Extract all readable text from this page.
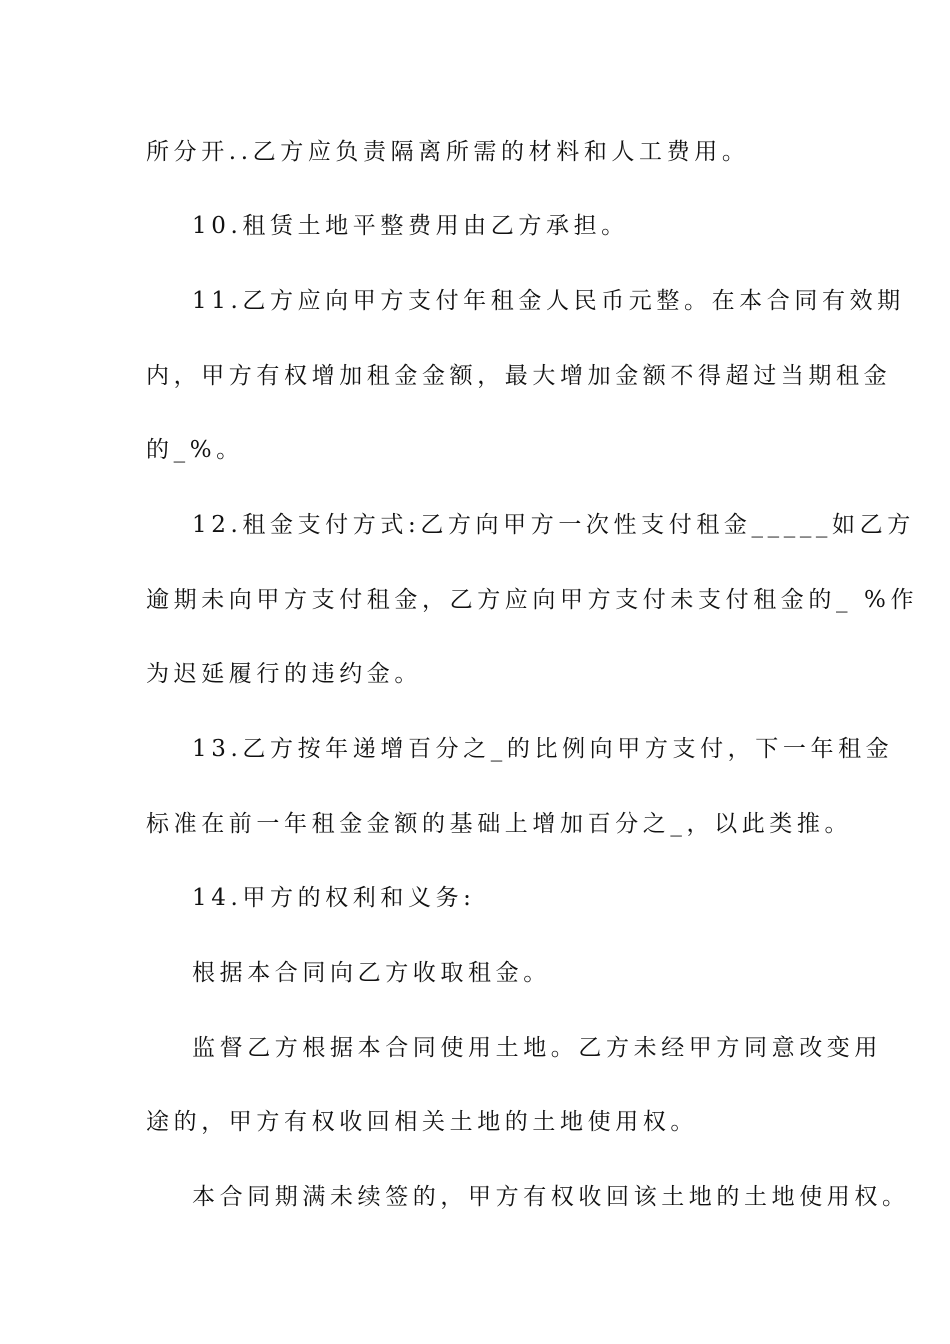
所分开..乙方应负责隔离所需的材料和人工费用。
10.租赁土地平整费用由乙方承担。
11.乙方应向甲方支付年租金人民币元整。在本合同有效期
内，甲方有权增加租金金额，最大增加金额不得超过当期租金
的_%。
12.租金支付方式:乙方向甲方一次性支付租金_____如乙方
逾期未向甲方支付租金，乙方应向甲方支付未支付租金的_ %作
为迟延履行的违约金。
13.乙方按年递增百分之_的比例向甲方支付，下一年租金
标准在前一年租金金额的基础上增加百分之_，以此类推。
14.甲方的权利和义务:
根据本合同向乙方收取租金。
监督乙方根据本合同使用土地。乙方未经甲方同意改变用
途的，甲方有权收回相关土地的土地使用权。
本合同期满未续签的，甲方有权收回该土地的土地使用权。
